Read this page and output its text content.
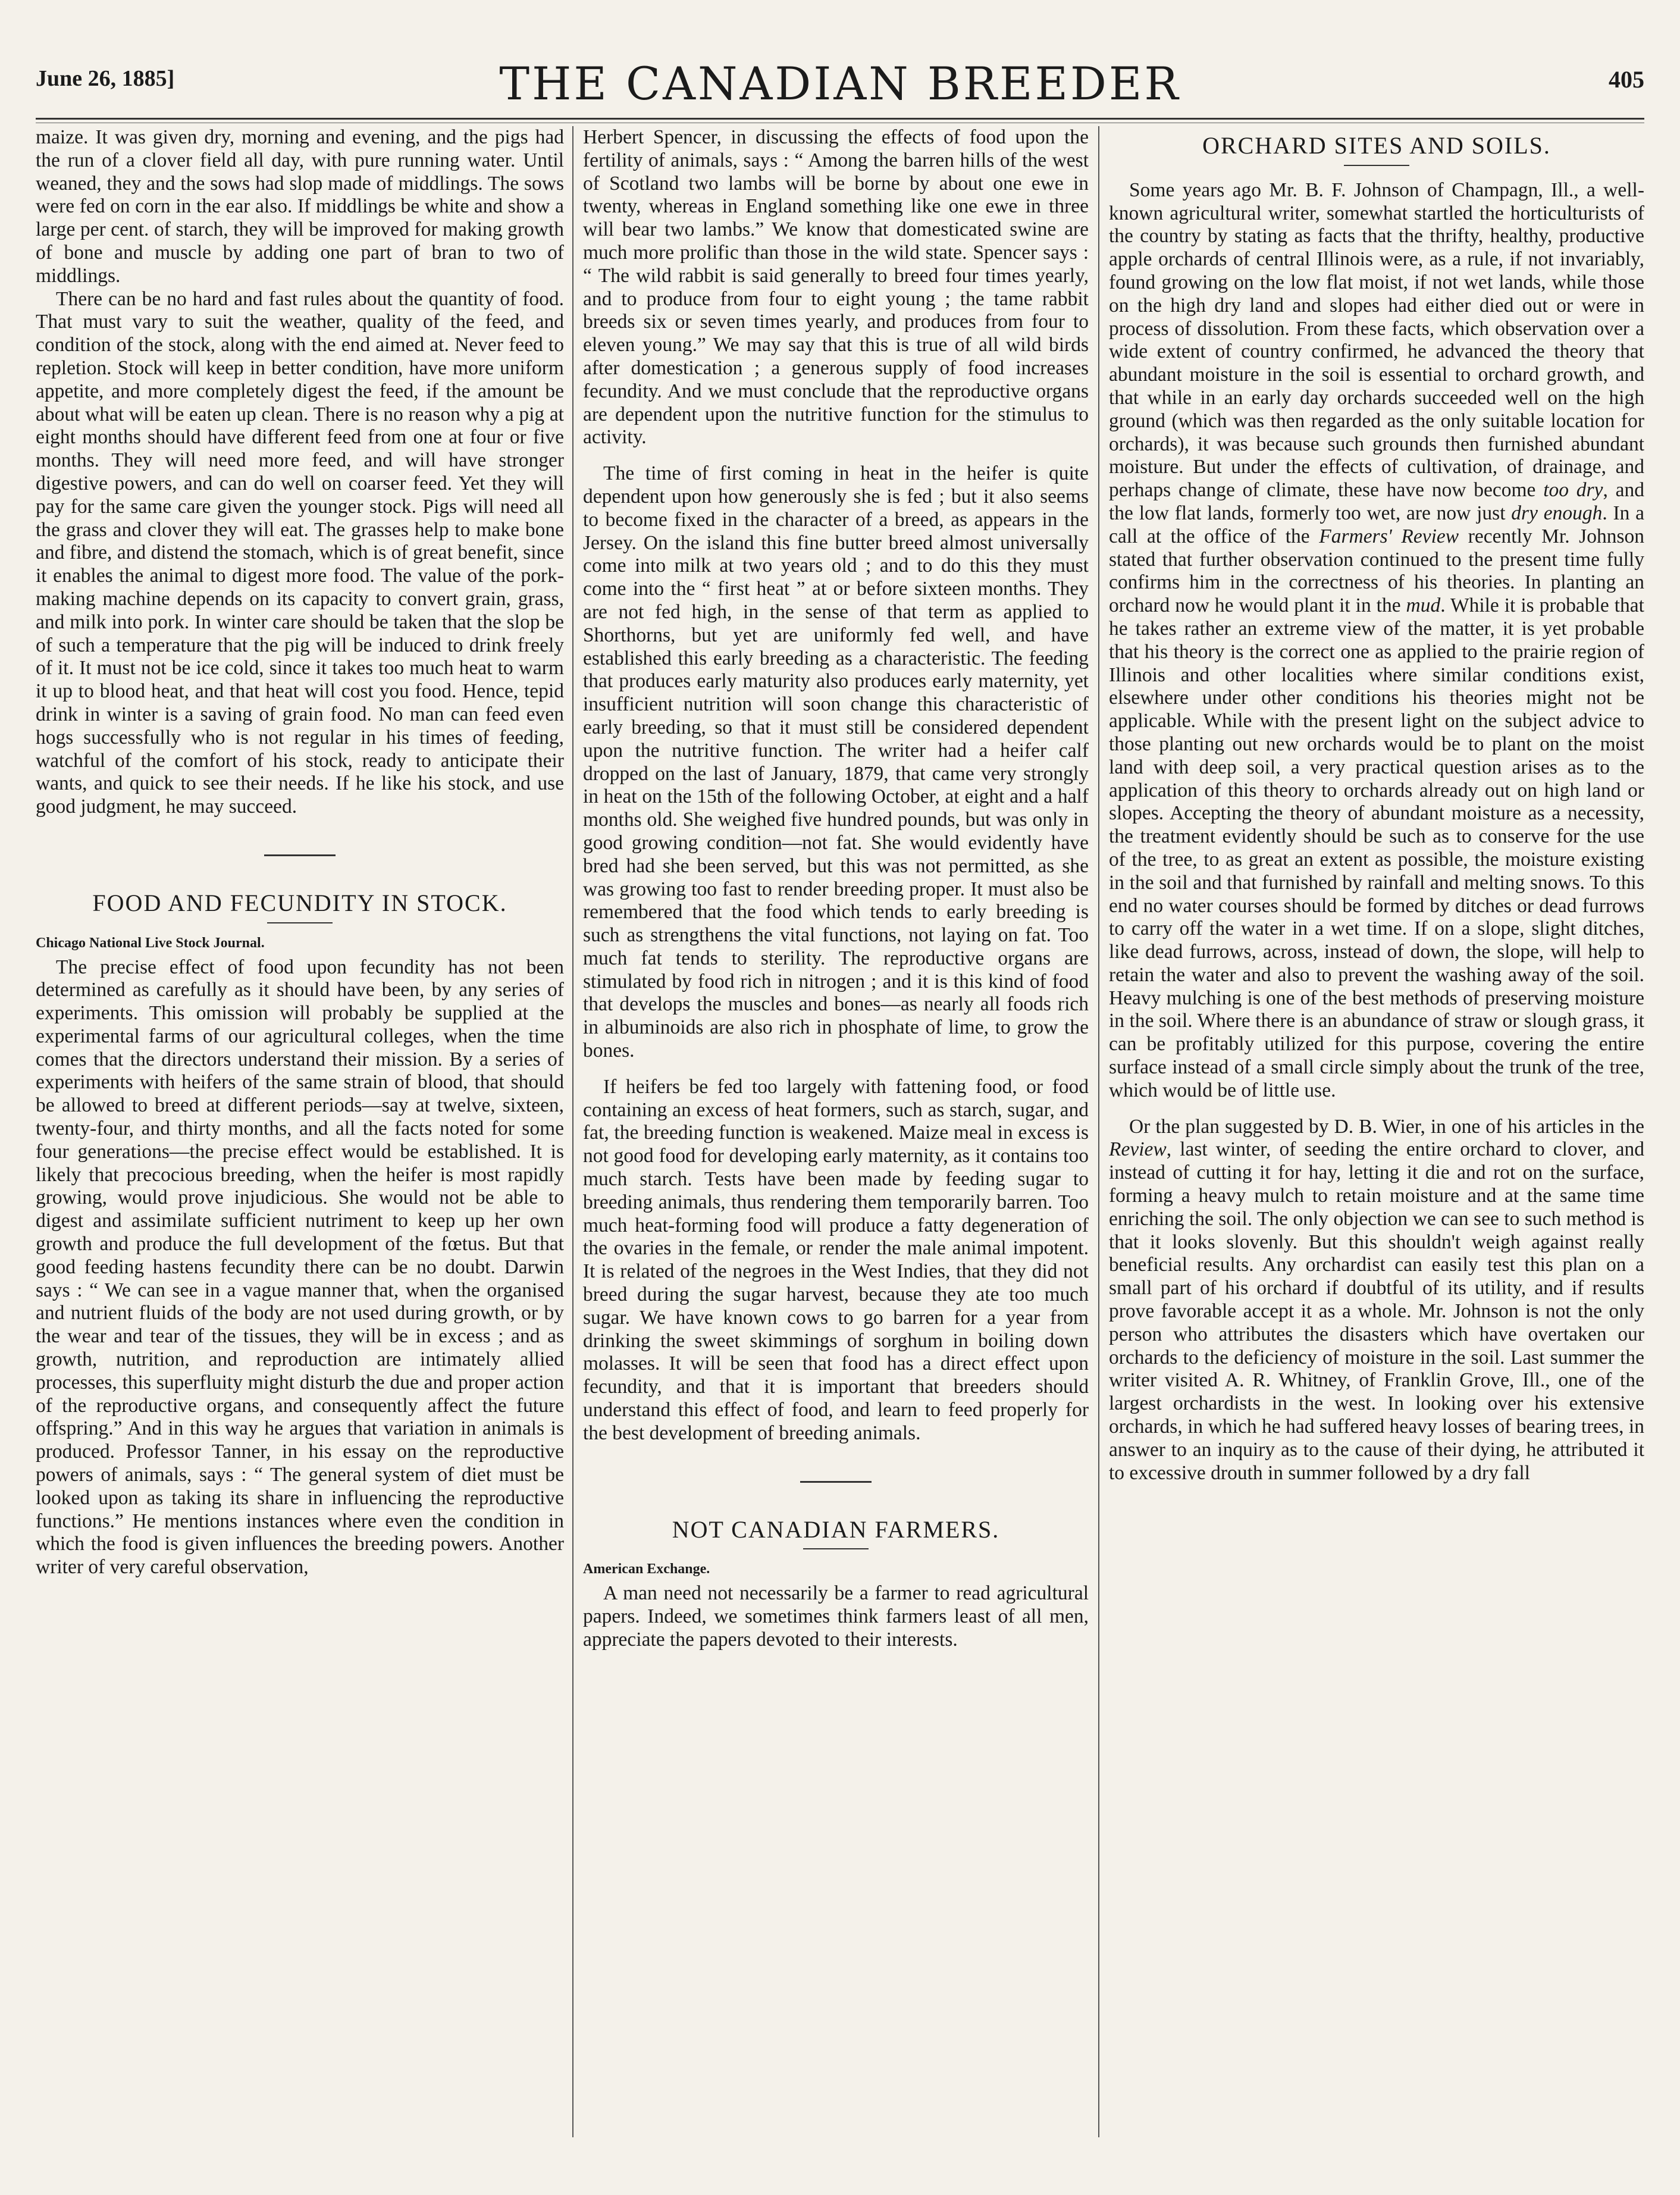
June 26, 1885]	THE CANADIAN BREEDER	405

maize. It was given dry, morning and evening, and the pigs had the run of a clover field all day, with pure running water. Until weaned, they and the sows had slop made of middlings. The sows were fed on corn in the ear also. If middlings be white and show a large per cent. of starch, they will be improved for making growth of bone and muscle by adding one part of bran to two of middlings.

There can be no hard and fast rules about the quantity of food. That must vary to suit the weather, quality of the feed, and condition of the stock, along with the end aimed at. Never feed to repletion. Stock will keep in better condition, have more uniform appetite, and more completely digest the feed, if the amount be about what will be eaten up clean. There is no reason why a pig at eight months should have different feed from one at four or five months. They will need more feed, and will have stronger digestive powers, and can do well on coarser feed. Yet they will pay for the same care given the younger stock. Pigs will need all the grass and clover they will eat. The grasses help to make bone and fibre, and distend the stomach, which is of great benefit, since it enables the animal to digest more food. The value of the pork-making machine depends on its capacity to convert grain, grass, and milk into pork. In winter care should be taken that the slop be of such a temperature that the pig will be induced to drink freely of it. It must not be ice cold, since it takes too much heat to warm it up to blood heat, and that heat will cost you food. Hence, tepid drink in winter is a saving of grain food. No man can feed even hogs successfully who is not regular in his times of feeding, watchful of the comfort of his stock, ready to anticipate their wants, and quick to see their needs. If he like his stock, and use good judgment, he may succeed.

FOOD AND FECUNDITY IN STOCK.
Chicago National Live Stock Journal.

The precise effect of food upon fecundity has not been determined as carefully as it should have been, by any series of experiments. This omission will probably be supplied at the experimental farms of our agricultural colleges, when the time comes that the directors understand their mission. By a series of experiments with heifers of the same strain of blood, that should be allowed to breed at different periods—say at twelve, sixteen, twenty-four, and thirty months, and all the facts noted for some four generations—the precise effect would be established. It is likely that precocious breeding, when the heifer is most rapidly growing, would prove injudicious. She would not be able to digest and assimilate sufficient nutriment to keep up her own growth and produce the full development of the fœtus. But that good feeding hastens fecundity there can be no doubt. Darwin says : “ We can see in a vague manner that, when the organised and nutrient fluids of the body are not used during growth, or by the wear and tear of the tissues, they will be in excess ; and as growth, nutrition, and reproduction are intimately allied processes, this superfluity might disturb the due and proper action of the reproductive organs, and consequently affect the future offspring.” And in this way he argues that variation in animals is produced. Professor Tanner, in his essay on the reproductive powers of animals, says : “ The general system of diet must be looked upon as taking its share in influencing the reproductive functions.” He mentions instances where even the condition in which the food is given influences the breeding powers. Another writer of very careful observation,

Herbert Spencer, in discussing the effects of food upon the fertility of animals, says : “ Among the barren hills of the west of Scotland two lambs will be borne by about one ewe in twenty, whereas in England something like one ewe in three will bear two lambs.” We know that domesticated swine are much more prolific than those in the wild state. Spencer says : “ The wild rabbit is said generally to breed four times yearly, and to produce from four to eight young ; the tame rabbit breeds six or seven times yearly, and produces from four to eleven young.” We may say that this is true of all wild birds after domestication ; a generous supply of food increases fecundity. And we must conclude that the reproductive organs are dependent upon the nutritive function for the stimulus to activity.

The time of first coming in heat in the heifer is quite dependent upon how generously she is fed ; but it also seems to become fixed in the character of a breed, as appears in the Jersey. On the island this fine butter breed almost universally come into milk at two years old ; and to do this they must come into the “ first heat ” at or before sixteen months. They are not fed high, in the sense of that term as applied to Shorthorns, but yet are uniformly fed well, and have established this early breeding as a characteristic. The feeding that produces early maturity also produces early maternity, yet insufficient nutrition will soon change this characteristic of early breeding, so that it must still be considered dependent upon the nutritive function. The writer had a heifer calf dropped on the last of January, 1879, that came very strongly in heat on the 15th of the following October, at eight and a half months old. She weighed five hundred pounds, but was only in good growing condition—not fat. She would evidently have bred had she been served, but this was not permitted, as she was growing too fast to render breeding proper. It must also be remembered that the food which tends to early breeding is such as strengthens the vital functions, not laying on fat. Too much fat tends to sterility. The reproductive organs are stimulated by food rich in nitrogen ; and it is this kind of food that develops the muscles and bones—as nearly all foods rich in albuminoids are also rich in phosphate of lime, to grow the bones.

If heifers be fed too largely with fattening food, or food containing an excess of heat formers, such as starch, sugar, and fat, the breeding function is weakened. Maize meal in excess is not good food for developing early maternity, as it contains too much starch. Tests have been made by feeding sugar to breeding animals, thus rendering them temporarily barren. Too much heat-forming food will produce a fatty degeneration of the ovaries in the female, or render the male animal impotent. It is related of the negroes in the West Indies, that they did not breed during the sugar harvest, because they ate too much sugar. We have known cows to go barren for a year from drinking the sweet skimmings of sorghum in boiling down molasses. It will be seen that food has a direct effect upon fecundity, and that it is important that breeders should understand this effect of food, and learn to feed properly for the best development of breeding animals.

NOT CANADIAN FARMERS.
American Exchange.

A man need not necessarily be a farmer to read agricultural papers. Indeed, we sometimes think farmers least of all men, appreciate the papers devoted to their interests.

ORCHARD SITES AND SOILS.

Some years ago Mr. B. F. Johnson of Champagn, Ill., a well-known agricultural writer, somewhat startled the horticulturists of the country by stating as facts that the thrifty, healthy, productive apple orchards of central Illinois were, as a rule, if not invariably, found growing on the low flat moist, if not wet lands, while those on the high dry land and slopes had either died out or were in process of dissolution. From these facts, which observation over a wide extent of country confirmed, he advanced the theory that abundant moisture in the soil is essential to orchard growth, and that while in an early day orchards succeeded well on the high ground (which was then regarded as the only suitable location for orchards), it was because such grounds then furnished abundant moisture. But under the effects of cultivation, of drainage, and perhaps change of climate, these have now become too dry, and the low flat lands, formerly too wet, are now just dry enough. In a call at the office of the Farmers' Review recently Mr. Johnson stated that further observation continued to the present time fully confirms him in the correctness of his theories. In planting an orchard now he would plant it in the mud. While it is probable that he takes rather an extreme view of the matter, it is yet probable that his theory is the correct one as applied to the prairie region of Illinois and other localities where similar conditions exist, elsewhere under other conditions his theories might not be applicable. While with the present light on the subject advice to those planting out new orchards would be to plant on the moist land with deep soil, a very practical question arises as to the application of this theory to orchards already out on high land or slopes. Accepting the theory of abundant moisture as a necessity, the treatment evidently should be such as to conserve for the use of the tree, to as great an extent as possible, the moisture existing in the soil and that furnished by rainfall and melting snows. To this end no water courses should be formed by ditches or dead furrows to carry off the water in a wet time. If on a slope, slight ditches, like dead furrows, across, instead of down, the slope, will help to retain the water and also to prevent the washing away of the soil. Heavy mulching is one of the best methods of preserving moisture in the soil. Where there is an abundance of straw or slough grass, it can be profitably utilized for this purpose, covering the entire surface instead of a small circle simply about the trunk of the tree, which would be of little use.

Or the plan suggested by D. B. Wier, in one of his articles in the Review, last winter, of seeding the entire orchard to clover, and instead of cutting it for hay, letting it die and rot on the surface, forming a heavy mulch to retain moisture and at the same time enriching the soil. The only objection we can see to such method is that it looks slovenly. But this shouldn't weigh against really beneficial results. Any orchardist can easily test this plan on a small part of his orchard if doubtful of its utility, and if results prove favorable accept it as a whole. Mr. Johnson is not the only person who attributes the disasters which have overtaken our orchards to the deficiency of moisture in the soil. Last summer the writer visited A. R. Whitney, of Franklin Grove, Ill., one of the largest orchardists in the west. In looking over his extensive orchards, in which he had suffered heavy losses of bearing trees, in answer to an inquiry as to the cause of their dying, he attributed it to excessive drouth in summer followed by a dry fall
